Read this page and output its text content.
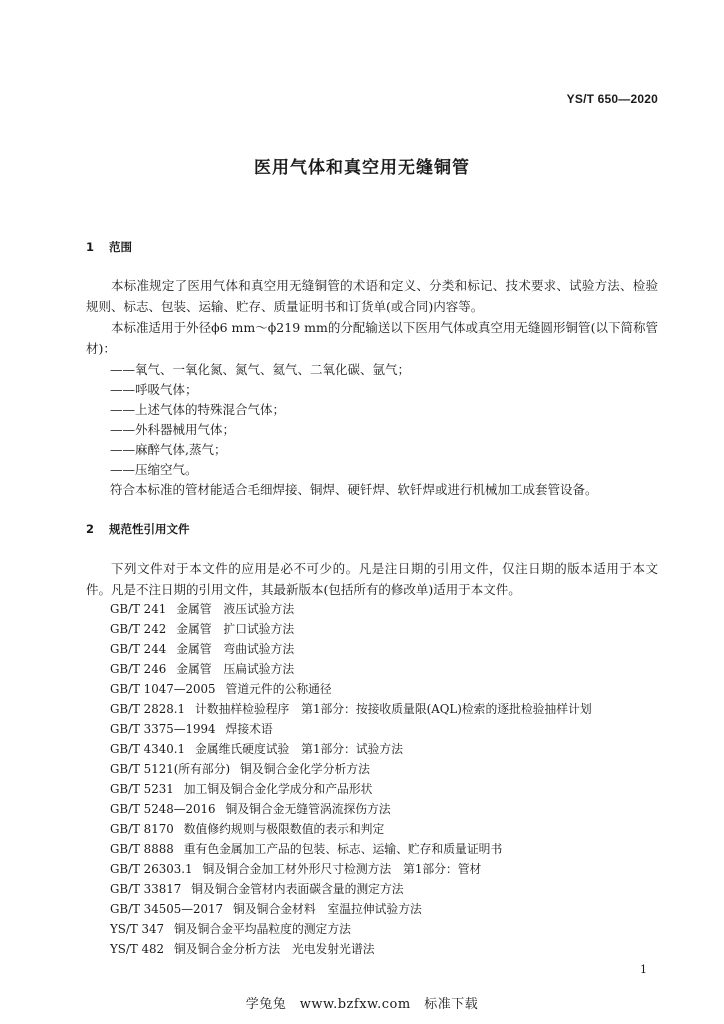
YS/T 650—2020
医用气体和真空用无缝铜管
1 范围
本标准规定了医用气体和真空用无缝铜管的术语和定义、分类和标记、技术要求、试验方法、检验规则、标志、包装、运输、贮存、质量证明书和订货单(或合同)内容等。
本标准适用于外径ϕ6 mm～ϕ219 mm的分配输送以下医用气体或真空用无缝圆形铜管(以下简称管材)：
——氧气、一氧化氮、氮气、氦气、二氧化碳、氩气；
——呼吸气体；
——上述气体的特殊混合气体；
——外科器械用气体；
——麻醉气体,蒸气；
——压缩空气。
符合本标准的管材能适合毛细焊接、铜焊、硬钎焊、软钎焊或进行机械加工成套管设备。
2 规范性引用文件
下列文件对于本文件的应用是必不可少的。凡是注日期的引用文件，仅注日期的版本适用于本文件。凡是不注日期的引用文件，其最新版本(包括所有的修改单)适用于本文件。
GB/T 241 金属管　液压试验方法
GB/T 242 金属管　扩口试验方法
GB/T 244 金属管　弯曲试验方法
GB/T 246 金属管　压扁试验方法
GB/T 1047—2005 管道元件的公称通径
GB/T 2828.1 计数抽样检验程序　第1部分：按接收质量限(AQL)检索的逐批检验抽样计划
GB/T 3375—1994 焊接术语
GB/T 4340.1 金属维氏硬度试验　第1部分：试验方法
GB/T 5121(所有部分) 铜及铜合金化学分析方法
GB/T 5231 加工铜及铜合金化学成分和产品形状
GB/T 5248—2016 铜及铜合金无缝管涡流探伤方法
GB/T 8170 数值修约规则与极限数值的表示和判定
GB/T 8888 重有色金属加工产品的包装、标志、运输、贮存和质量证明书
GB/T 26303.1 铜及铜合金加工材外形尺寸检测方法　第1部分：管材
GB/T 33817 铜及铜合金管材内表面碳含量的测定方法
GB/T 34505—2017 铜及铜合金材料　室温拉伸试验方法
YS/T 347 铜及铜合金平均晶粒度的测定方法
YS/T 482 铜及铜合金分析方法　光电发射光谱法
1
学兔兔　www.bzfxw.com　标准下载
